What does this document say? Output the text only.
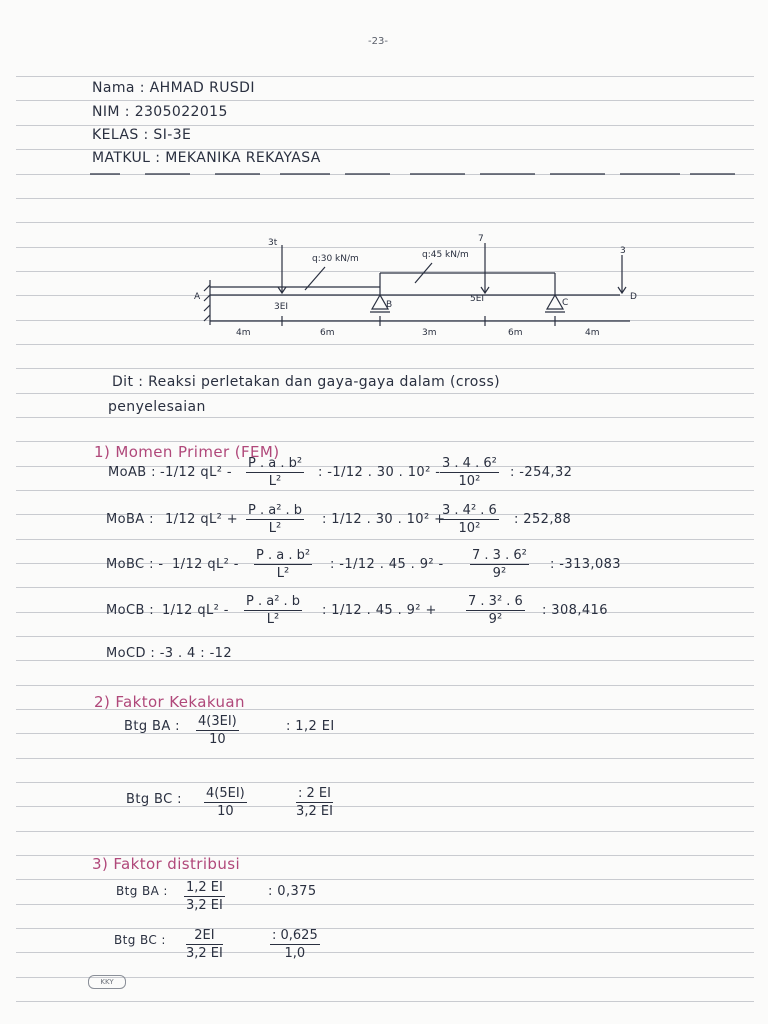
-23-
Nama : AHMAD RUSDI
NIM : 2305022015
KELAS : SI-3E
MATKUL : MEKANIKA REKAYASA
3t
q:30 kN/m	q:45 kN/m
7
3
A
B	C
D
3EI
5EI
4m	6m	3m	6m	4m
Dit : Reaksi perletakan dan gaya-gaya dalam (cross)
penyelesaian
1) Momen Primer (FEM)
MoAB : -1/12 $qL^2 - \frac{\text{P . a . b²}}{\text{L²}}$ : -1/12 . 30 . $10^2 - \frac{\text{3 . 4 . 6²}}{\text{10²}}$ : -254,32
MoBA : 1/12 $qL^2 + \frac{\text{P . a² . b}}{\text{L²}}$ : 1/12 . 30 . 10² +
$\frac{\text{3 . 4² . 6}}{\text{10²}}$ : 252,88
MoBC : - 1/12 $qL^2 - \frac{\text{P . a . b²}}{\text{L²}}$ : -1/12 . 45 . $9^2 - \frac{\text{7 . 3 . 6²}}{\text{9²}}$ : -313,083
MoCB : 1/12 $qL^2 - \frac{\text{P . a² . b}}{\text{L²}}$ : 1/12 . 45 . $9^2 + \frac{\text{7 . 3² . 6}}{\text{9²}}$ : 308,416
MoCD : -3 . 4 : -12
2) Faktor Kekakuan
Btg BA : $\frac{4(3EI)}{10}$	: 1,2 EI
Btg BC : $\frac{4(5EI)}{10}$	$\frac{: 2 EI}{3,2 EI}$
3) Faktor distribusi
Btg BA : $\frac{1,2 EI}{3,2 EI}$	: 0,375
Btg BC : $\frac{2EI}{3,2 EI}$	$\frac{: 0,625}{1,0}$
KKY
